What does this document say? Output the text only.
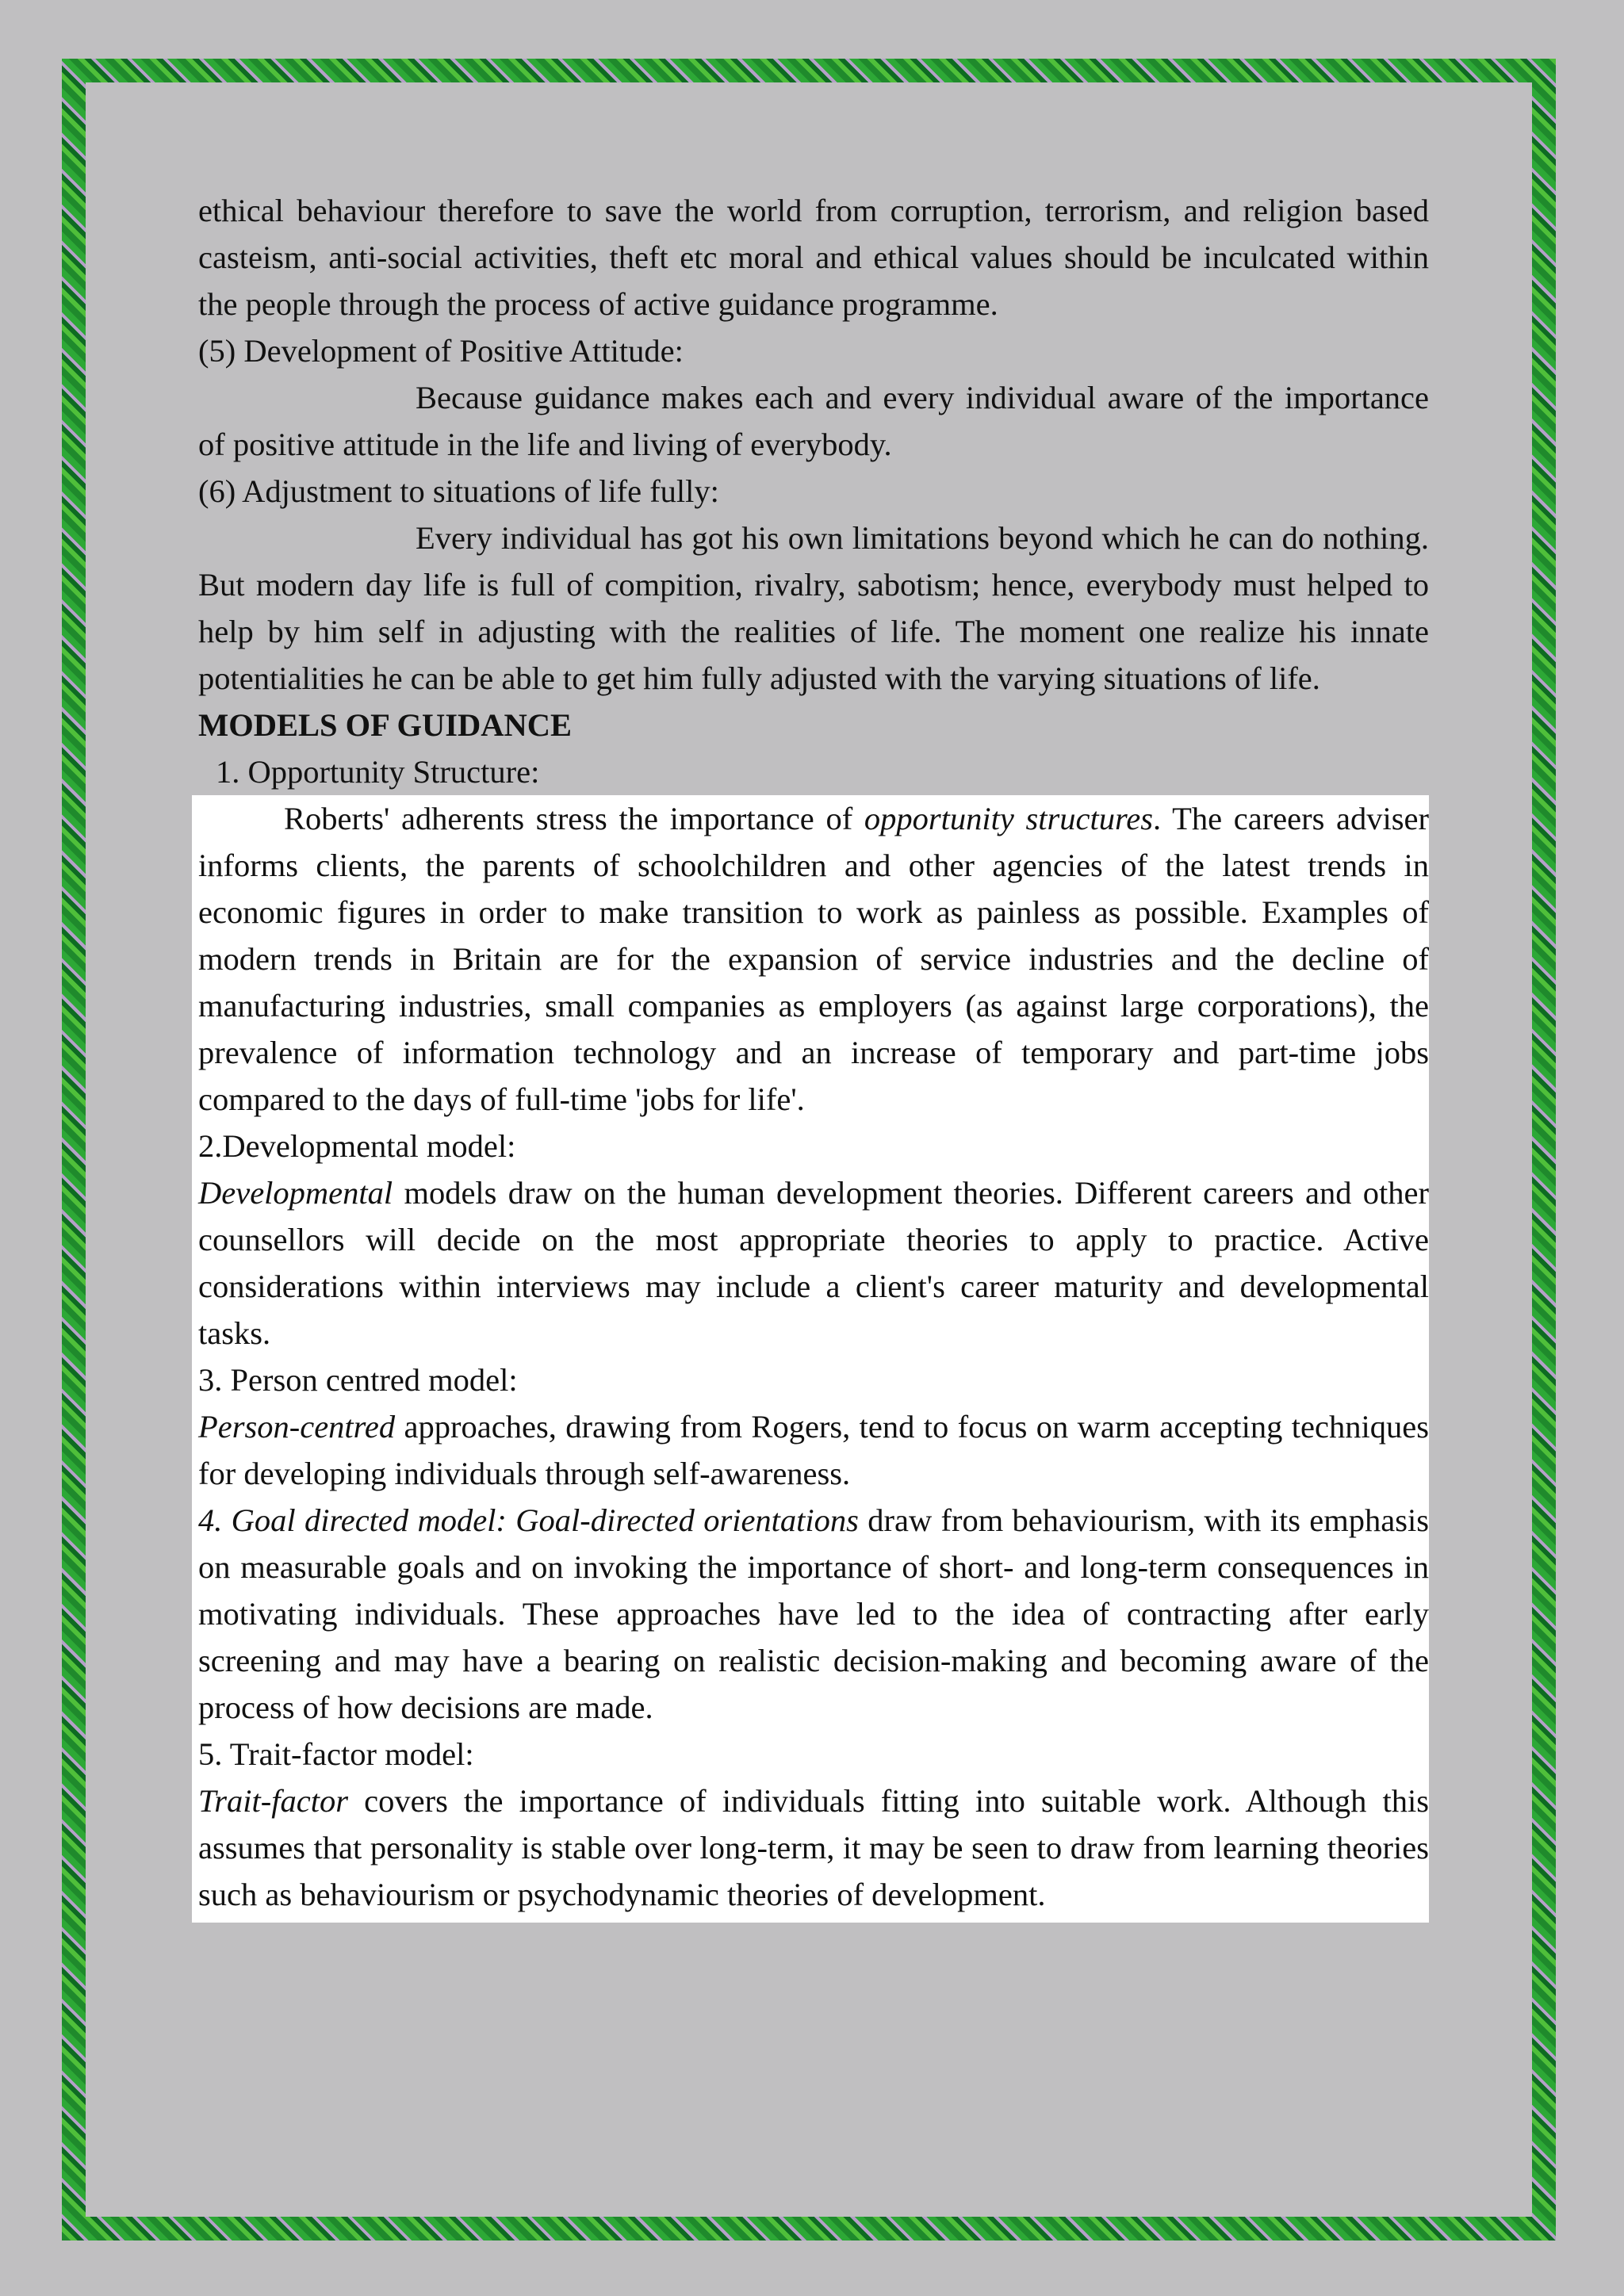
ethical behaviour therefore to save the world from corruption, terrorism, and religion based casteism, anti-social activities, theft etc moral and ethical values should be inculcated within the people through the process of active guidance programme.

(5) Development of Positive Attitude:

Because guidance makes each and every individual aware of the importance of positive attitude in the life and living of everybody.

(6) Adjustment to situations of life fully:

Every individual has got his own limitations beyond which he can do nothing. But modern day life is full of compition, rivalry, sabotism; hence, everybody must helped to help by him self in adjusting with the realities of life. The moment one realize his innate potentialities he can be able to get him fully adjusted with the varying situations of life.

MODELS OF GUIDANCE

1. Opportunity Structure:

Roberts' adherents stress the importance of opportunity structures. The careers adviser informs clients, the parents of schoolchildren and other agencies of the latest trends in economic figures in order to make transition to work as painless as possible. Examples of modern trends in Britain are for the expansion of service industries and the decline of manufacturing industries, small companies as employers (as against large corporations), the prevalence of information technology and an increase of temporary and part-time jobs compared to the days of full-time 'jobs for life'.

2.Developmental model:

Developmental models draw on the human development theories. Different careers and other counsellors will decide on the most appropriate theories to apply to practice. Active considerations within interviews may include a client's career maturity and developmental tasks.

3. Person centred model:

Person-centred approaches, drawing from Rogers, tend to focus on warm accepting techniques for developing individuals through self-awareness.

4. Goal directed model: Goal-directed orientations draw from behaviourism, with its emphasis on measurable goals and on invoking the importance of short- and long-term consequences in motivating individuals. These approaches have led to the idea of contracting after early screening and may have a bearing on realistic decision-making and becoming aware of the process of how decisions are made.

5. Trait-factor model:

Trait-factor covers the importance of individuals fitting into suitable work. Although this assumes that personality is stable over long-term, it may be seen to draw from learning theories such as behaviourism or psychodynamic theories of development.
